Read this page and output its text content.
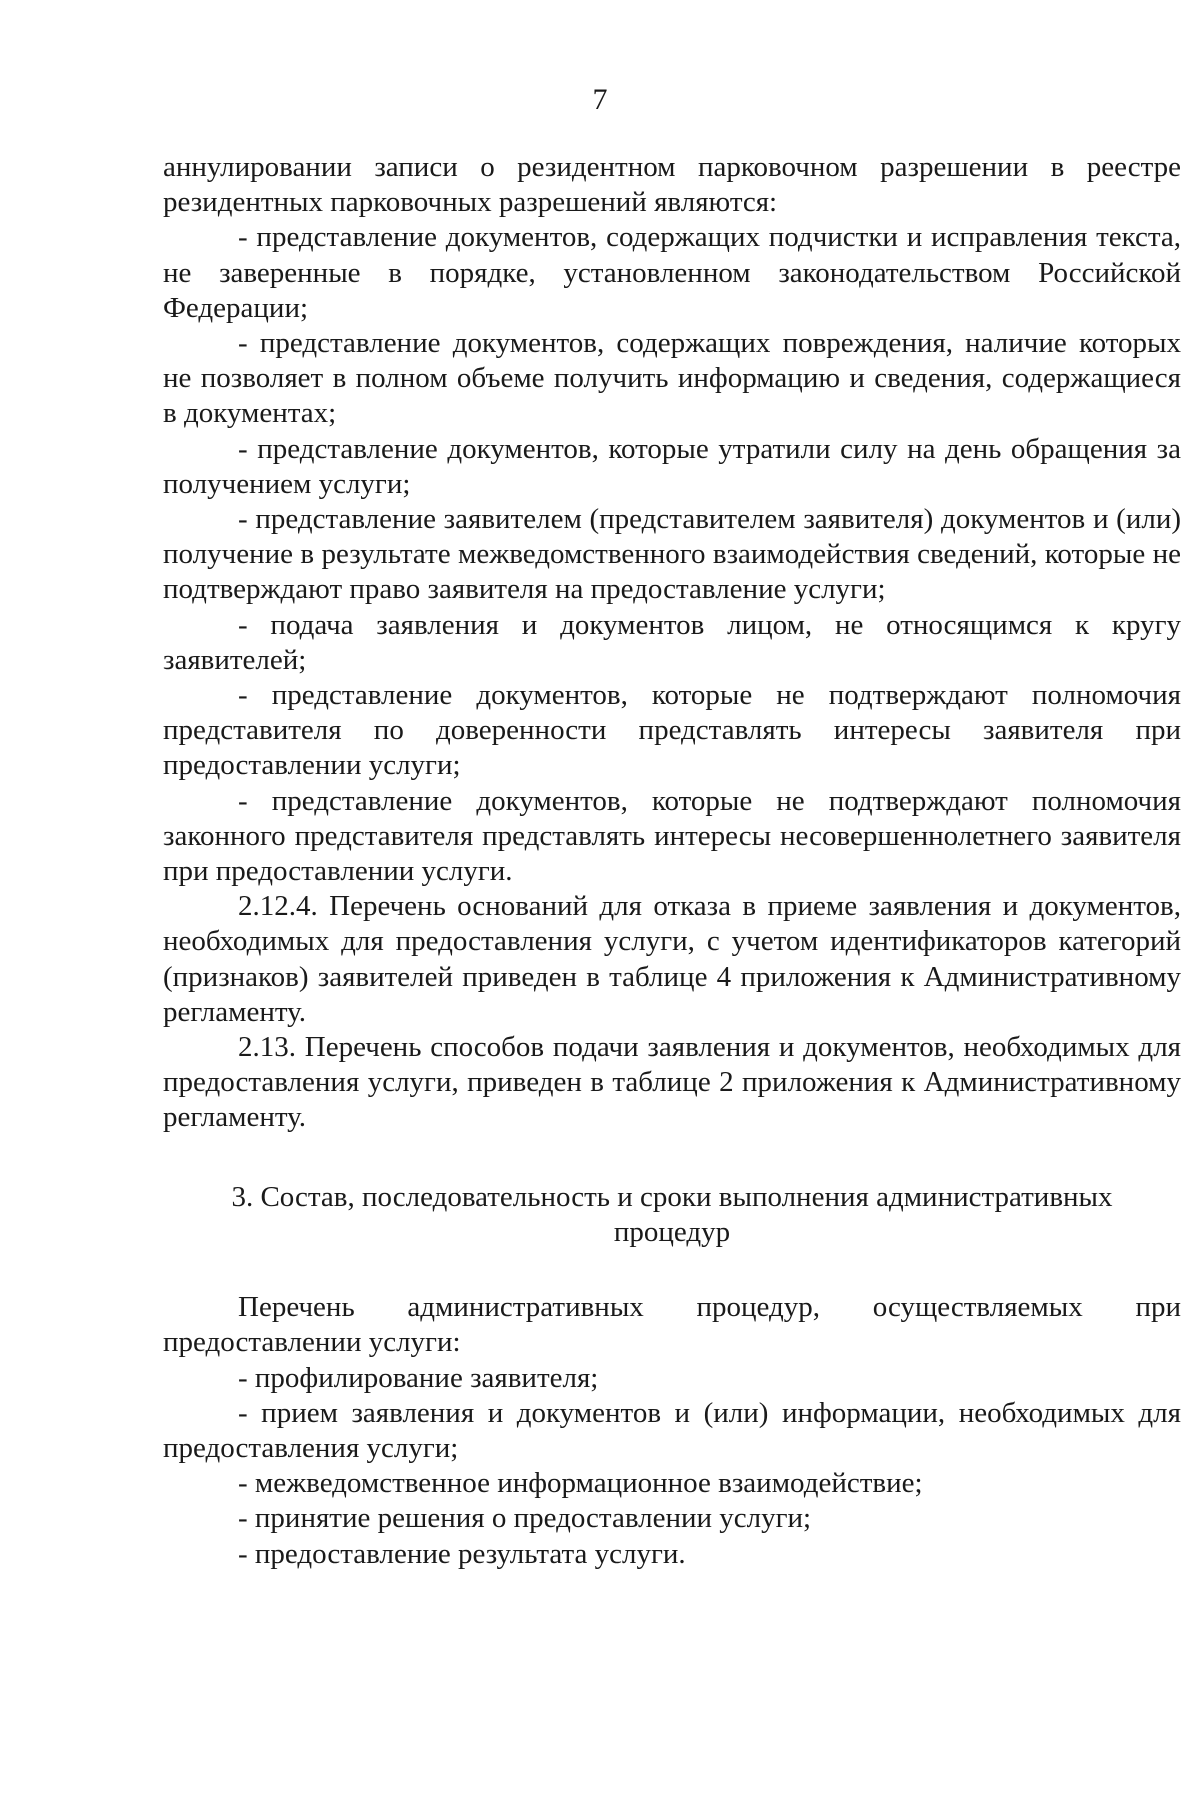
7

аннулировании записи о резидентном парковочном разрешении в реестре резидентных парковочных разрешений являются:

- представление документов, содержащих подчистки и исправления текста, не заверенные в порядке, установленном законодательством Российской Федерации;

- представление документов, содержащих повреждения, наличие которых не позволяет в полном объеме получить информацию и сведения, содержащиеся в документах;

- представление документов, которые утратили силу на день обращения за получением услуги;

- представление заявителем (представителем заявителя) документов и (или) получение в результате межведомственного взаимодействия сведений, которые не подтверждают право заявителя на предоставление услуги;

- подача заявления и документов лицом, не относящимся к кругу заявителей;

- представление документов, которые не подтверждают полномочия представителя по доверенности представлять интересы заявителя при предоставлении услуги;

- представление документов, которые не подтверждают полномочия законного представителя представлять интересы несовершеннолетнего заявителя при предоставлении услуги.

2.12.4. Перечень оснований для отказа в приеме заявления и документов, необходимых для предоставления услуги, с учетом идентификаторов категорий (признаков) заявителей приведен в таблице 4 приложения к Административному регламенту.

2.13. Перечень способов подачи заявления и документов, необходимых для предоставления услуги, приведен в таблице 2 приложения к Административному регламенту.

3. Состав, последовательность и сроки выполнения административных процедур

Перечень административных процедур, осуществляемых при предоставлении услуги:

- профилирование заявителя;

- прием заявления и документов и (или) информации, необходимых для предоставления услуги;

- межведомственное информационное взаимодействие;

- принятие решения о предоставлении услуги;

- предоставление результата услуги.
